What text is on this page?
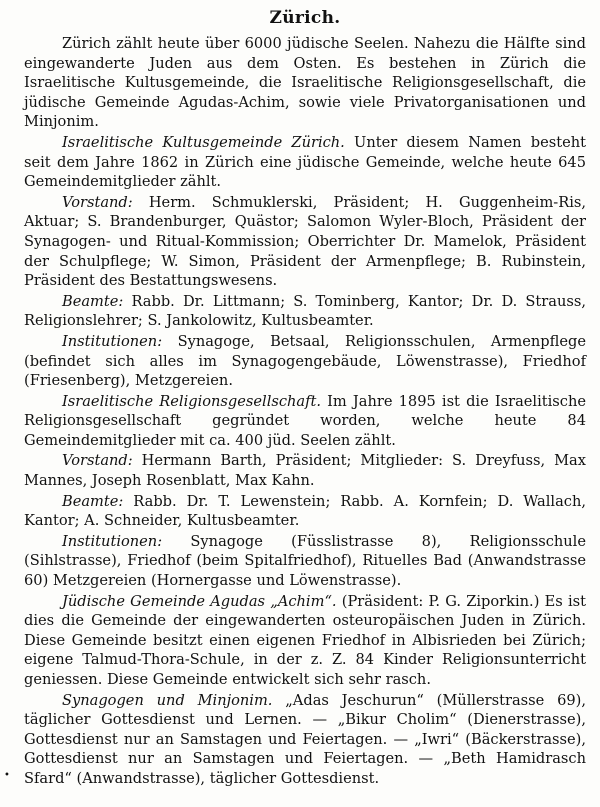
Zürich.

Zürich zählt heute über 6000 jüdische Seelen. Nahezu die Hälfte sind eingewanderte Juden aus dem Osten. Es bestehen in Zürich die Israelitische Kultusgemeinde, die Israelitische Religionsgesellschaft, die jüdische Gemeinde Agudas-Achim, sowie viele Privatorganisationen und Minjonim.

Israelitische Kultusgemeinde Zürich. Unter diesem Namen besteht seit dem Jahre 1862 in Zürich eine jüdische Gemeinde, welche heute 645 Gemeindemitglieder zählt.

Vorstand: Herm. Schmuklerski, Präsident; H. Guggenheim-Ris, Aktuar; S. Brandenburger, Quästor; Salomon Wyler-Bloch, Präsident der Synagogen- und Ritual-Kommission; Oberrichter Dr. Mamelok, Präsident der Schulpflege; W. Simon, Präsident der Armenpflege; B. Rubinstein, Präsident des Bestattungswesens.

Beamte: Rabb. Dr. Littmann; S. Tominberg, Kantor; Dr. D. Strauss, Religionslehrer; S. Jankolowitz, Kultusbeamter.

Institutionen: Synagoge, Betsaal, Religionsschulen, Armenpflege (befindet sich alles im Synagogengebäude, Löwenstrasse), Friedhof (Friesenberg), Metzgereien.

Israelitische Religionsgesellschaft. Im Jahre 1895 ist die Israelitische Religionsgesellschaft gegründet worden, welche heute 84 Gemeindemitglieder mit ca. 400 jüd. Seelen zählt.

Vorstand: Hermann Barth, Präsident; Mitglieder: S. Dreyfuss, Max Mannes, Joseph Rosenblatt, Max Kahn.

Beamte: Rabb. Dr. T. Lewenstein; Rabb. A. Kornfein; D. Wallach, Kantor; A. Schneider, Kultusbeamter.

Institutionen: Synagoge (Füsslistrasse 8), Religionsschule (Sihlstrasse), Friedhof (beim Spitalfriedhof), Rituelles Bad (Anwandstrasse 60) Metzgereien (Hornergasse und Löwenstrasse).

Jüdische Gemeinde Agudas „Achim“. (Präsident: P. G. Ziporkin.) Es ist dies die Gemeinde der eingewanderten osteuropäischen Juden in Zürich. Diese Gemeinde besitzt einen eigenen Friedhof in Albisrieden bei Zürich; eigene Talmud-Thora-Schule, in der z. Z. 84 Kinder Religionsunterricht geniessen. Diese Gemeinde entwickelt sich sehr rasch.

Synagogen und Minjonim. „Adas Jeschurun“ (Müllerstrasse 69), täglicher Gottesdienst und Lernen. — „Bikur Cholim“ (Dienerstrasse), Gottesdienst nur an Samstagen und Feiertagen. — „Iwri“ (Bäckerstrasse), Gottesdienst nur an Samstagen und Feiertagen. — „Beth Hamidrasch Sfard“ (Anwandstrasse), täglicher Gottesdienst.

•
